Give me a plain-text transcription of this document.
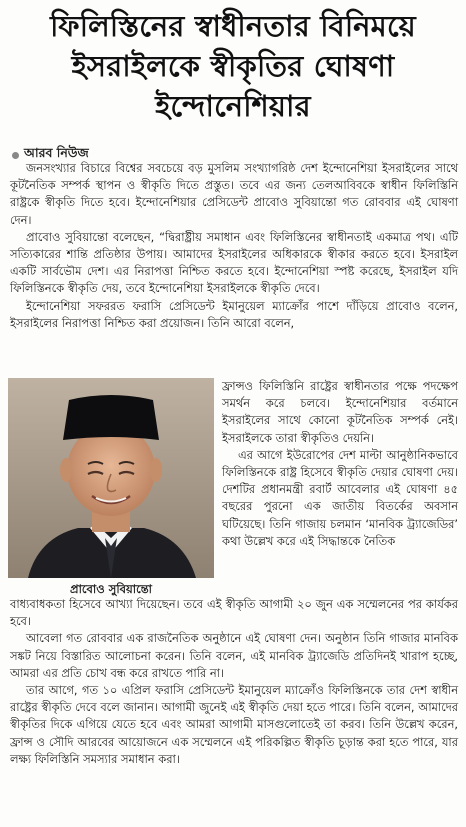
ফিলিস্তিনের স্বাধীনতার বিনিময়ে
ইসরাইলকে স্বীকৃতির ঘোষণা
ইন্দোনেশিয়ার
আরব নিউজ

জনসংখ্যার বিচারে বিশ্বের সবচেয়ে বড় মুসলিম সংখ্যাগরিষ্ঠ দেশ ইন্দোনেশিয়া ইসরাইলের সাথে কূটনৈতিক সম্পর্ক স্থাপন ও স্বীকৃতি দিতে প্রস্তুত। তবে এর জন্য তেলআবিবকে স্বাধীন ফিলিস্তিনি রাষ্ট্রকে স্বীকৃতি দিতে হবে। ইন্দোনেশিয়ার প্রেসিডেন্ট প্রাবোও সুবিয়ান্তো গত রোববার এই ঘোষণা দেন।

প্রাবোও সুবিয়ান্তো বলেছেন, “দ্বিরাষ্ট্রীয় সমাধান এবং ফিলিস্তিনের স্বাধীনতাই একমাত্র পথ। এটি সত্যিকারের শান্তি প্রতিষ্ঠার উপায়। আমাদের ইসরাইলের অধিকারকে স্বীকার করতে হবে। ইসরাইল একটি সার্বভৌম দেশ। এর নিরাপত্তা নিশ্চিত করতে হবে। ইন্দোনেশিয়া স্পষ্ট করেছে, ইসরাইল যদি ফিলিস্তিনকে স্বীকৃতি দেয়, তবে ইন্দোনেশিয়া ইসরাইলকে স্বীকৃতি দেবে।

ইন্দোনেশিয়া সফররত ফরাসি প্রেসিডেন্ট ইমানুয়েল ম্যাক্রোঁর পাশে দাঁড়িয়ে প্রাবোও বলেন, ইসরাইলের নিরাপত্তা নিশ্চিত করা প্রয়োজন। তিনি আরো বলেন,

প্রাবোও সুবিয়ান্তো

ফ্রান্সও ফিলিস্তিনি রাষ্ট্রের স্বাধীনতার পক্ষে পদক্ষেপ সমর্থন করে চলবে। ইন্দোনেশিয়ার বর্তমানে ইসরাইলের সাথে কোনো কূটনৈতিক সম্পর্ক নেই। ইসরাইলকে তারা স্বীকৃতিও দেয়নি।

এর আগে ইউরোপের দেশ মাল্টা আনুষ্ঠানিকভাবে ফিলিস্তিনকে রাষ্ট্র হিসেবে স্বীকৃতি দেয়ার ঘোষণা দেয়। দেশটির প্রধানমন্ত্রী রবার্ট আবেলার এই ঘোষণা ৪৫ বছরের পুরনো এক জাতীয় বিতর্কের অবসান ঘটিয়েছে। তিনি গাজায় চলমান ‘মানবিক ট্র্যাজেডির’ কথা উল্লেখ করে এই সিদ্ধান্তকে নৈতিক

বাধ্যবাধকতা হিসেবে আখ্যা দিয়েছেন। তবে এই স্বীকৃতি আগামী ২০ জুন এক সম্মেলনের পর কার্যকর হবে।

আবেলা গত রোববার এক রাজনৈতিক অনুষ্ঠানে এই ঘোষণা দেন। অনুষ্ঠান তিনি গাজার মানবিক সঙ্কট নিয়ে বিস্তারিত আলোচনা করেন। তিনি বলেন, এই মানবিক ট্র্যাজেডি প্রতিদিনই খারাপ হচ্ছে, আমরা এর প্রতি চোখ বন্ধ করে রাখতে পারি না।

তার আগে, গত ১০ এপ্রিল ফরাসি প্রেসিডেন্ট ইমানুয়েল ম্যাক্রোঁও ফিলিস্তিনকে তার দেশ স্বাধীন রাষ্ট্রের স্বীকৃতি দেবে বলে জানান। আগামী জুনেই এই স্বীকৃতি দেয়া হতে পারে। তিনি বলেন, আমাদের স্বীকৃতির দিকে এগিয়ে যেতে হবে এবং আমরা আগামী মাসগুলোতেই তা করব। তিনি উল্লেখ করেন, ফ্রান্স ও সৌদি আরবের আয়োজনে এক সম্মেলনে এই পরিকল্পিত স্বীকৃতি চূড়ান্ত করা হতে পারে, যার লক্ষ্য ফিলিস্তিনি সমস্যার সমাধান করা।
